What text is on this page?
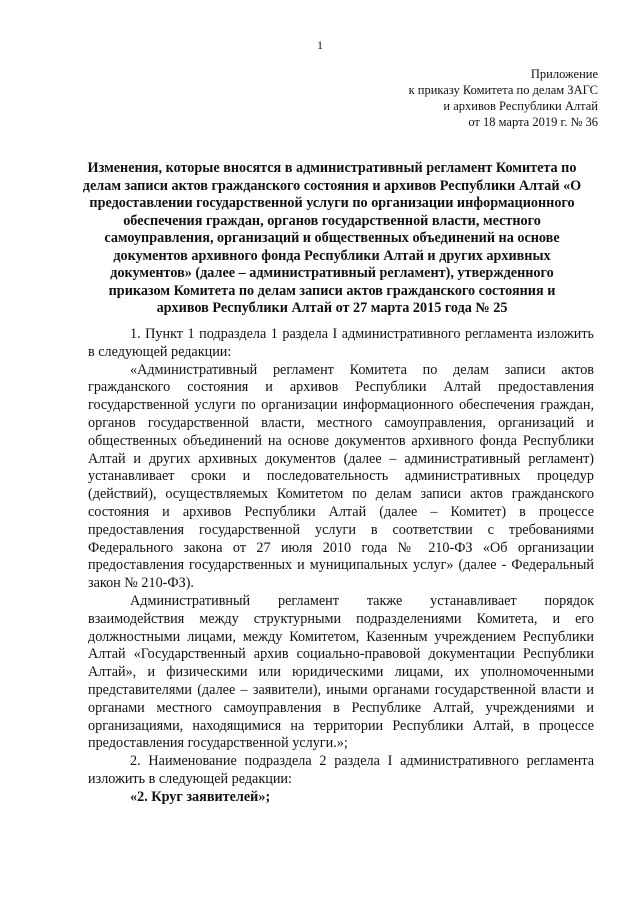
1
Приложение
к приказу Комитета по делам ЗАГС
и архивов Республики Алтай
от 18 марта 2019 г. № 36
Изменения, которые вносятся в административный регламент Комитета по делам записи актов гражданского состояния и архивов Республики Алтай «О предоставлении государственной услуги по организации информационного обеспечения граждан, органов государственной власти, местного самоуправления, организаций и общественных объединений на основе документов архивного фонда Республики Алтай и других архивных документов» (далее – административный регламент), утвержденного приказом Комитета по делам записи актов гражданского состояния и архивов Республики Алтай от 27 марта 2015 года № 25

1. Пункт 1 подраздела 1 раздела I административного регламента изложить в следующей редакции:

«Административный регламент Комитета по делам записи актов гражданского состояния и архивов Республики Алтай предоставления государственной услуги по организации информационного обеспечения граждан, органов государственной власти, местного самоуправления, организаций и общественных объединений на основе документов архивного фонда Республики Алтай и других архивных документов (далее – административный регламент) устанавливает сроки и последовательность административных процедур (действий), осуществляемых Комитетом по делам записи актов гражданского состояния и архивов Республики Алтай (далее – Комитет) в процессе предоставления государственной услуги в соответствии с требованиями Федерального закона от 27 июля 2010 года № 210-ФЗ «Об организации предоставления государственных и муниципальных услуг» (далее - Федеральный закон № 210-ФЗ).

Административный регламент также устанавливает порядок взаимодействия между структурными подразделениями Комитета, и его должностными лицами, между Комитетом, Казенным учреждением Республики Алтай «Государственный архив социально-правовой документации Республики Алтай», и физическими или юридическими лицами, их уполномоченными представителями (далее – заявители), иными органами государственной власти и органами местного самоуправления в Республике Алтай, учреждениями и организациями, находящимися на территории Республики Алтай, в процессе предоставления государственной услуги.»;

2. Наименование подраздела 2 раздела I административного регламента изложить в следующей редакции:

«2. Круг заявителей»;
